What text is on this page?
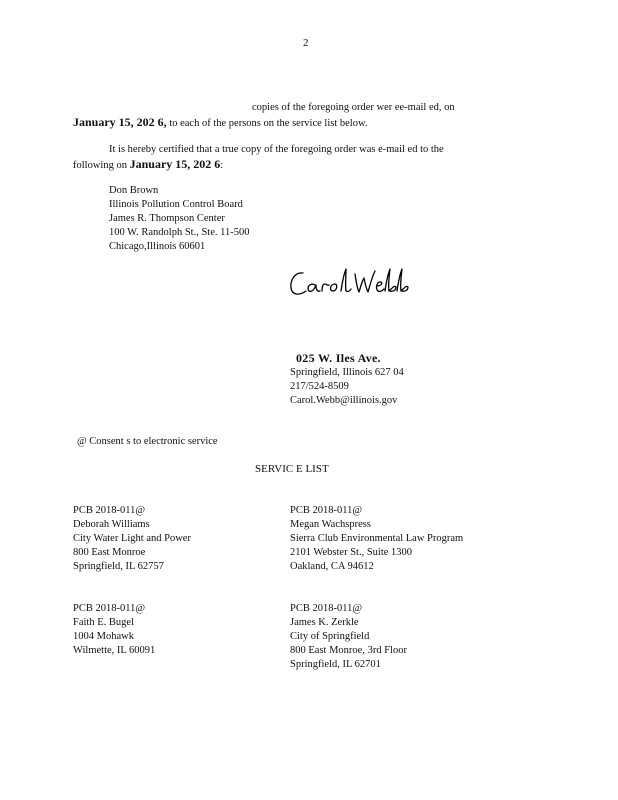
2
copies of the foregoing order wer ee-mail ed, on
January 15, 202 6, to each of the persons on the service list below.
It is hereby certified that a true copy of the foregoing order was e-mail ed to the
following on January 15, 202 6:
Don Brown
Illinois Pollution Control Board
James R. Thompson Center
100 W. Randolph St., Ste. 11-500
Chicago,Illinois 60601
025 W. Iles Ave.
Springfield, Illinois 627 04
217/524-8509
Carol.Webb@illinois.gov
@ Consent s to electronic service
SERVIC E LIST
PCB 2018-011@
Deborah Williams
City Water Light and Power
800 East Monroe
Springfield, IL 62757
PCB 2018-011@
Megan Wachspress
Sierra Club Environmental Law Program
2101 Webster St., Suite 1300
Oakland, CA 94612
PCB 2018-011@
Faith E. Bugel
1004 Mohawk
Wilmette, IL 60091
PCB 2018-011@
James K. Zerkle
City of Springfield
800 East Monroe, 3rd Floor
Springfield, IL 62701
